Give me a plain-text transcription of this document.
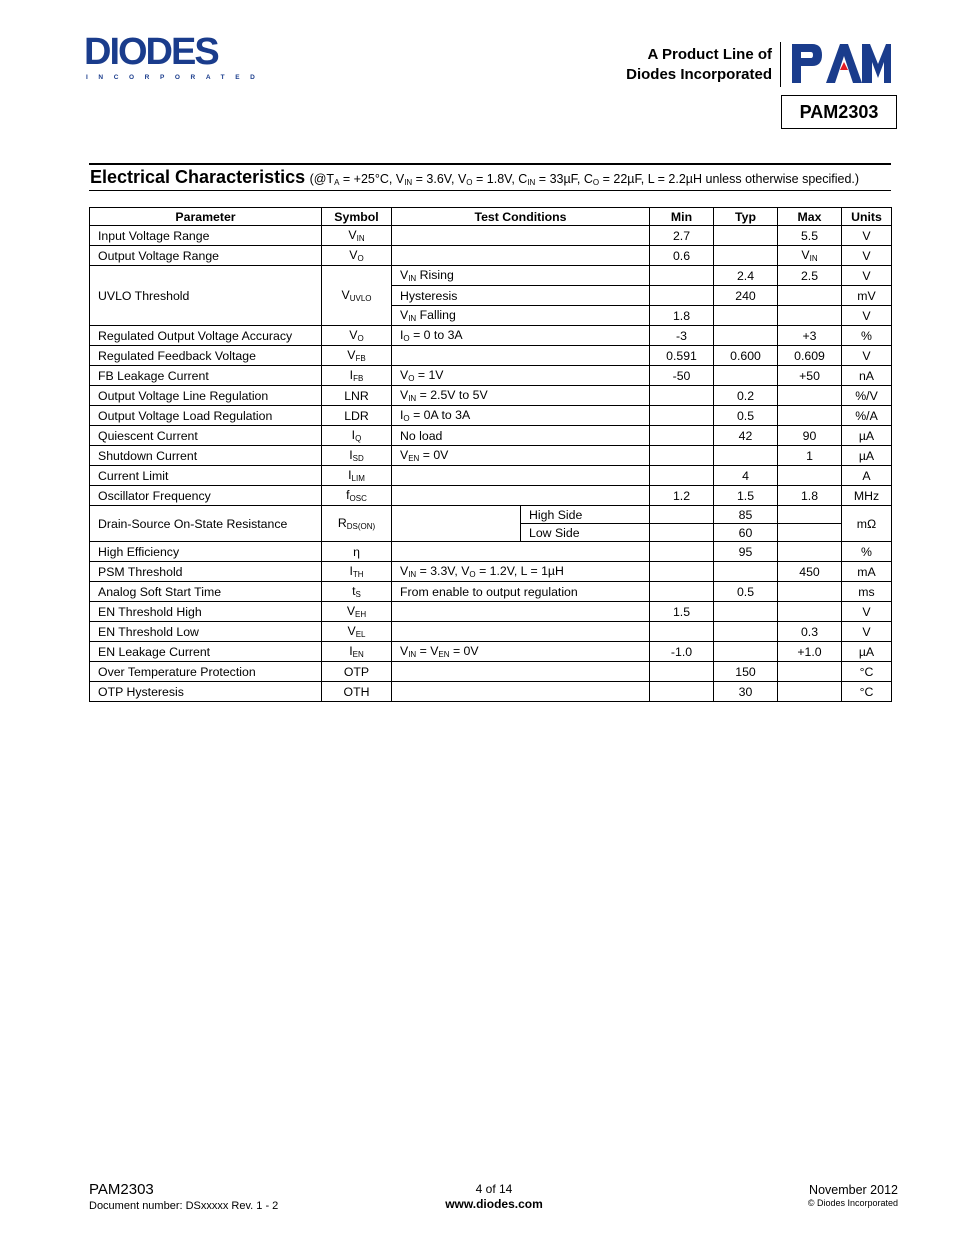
DIODES
INCORPORATED
A Product Line of
Diodes Incorporated
PAM2303
Electrical Characteristics ($@T_A = +25^\circ C$, $V_{IN} = 3.6V$, $V_O = 1.8V$, $C_{IN} = 33\mu F$, $C_O = 22\mu F$, L = 2.2µH unless otherwise specified.)
Parameter	Symbol	Test Conditions		Min	Typ	Max	Units
Input Voltage Range	$V_{IN}$			2.7		5.5	V
Output Voltage Range	$V_O$			0.6		$V_{IN}$	V
UVLO Threshold	$V_{UVLO}$	$V_{IN}$ Rising			2.4	2.5	V
		Hysteresis			240		mV
		$V_{IN}$ Falling		1.8			V
Regulated Output Voltage Accuracy	$V_O$	$I_O = 0$ to 3A		-3		+3	%
Regulated Feedback Voltage	$V_{FB}$			0.591	0.600	0.609	V
FB Leakage Current	$I_{FB}$	$V_O = 1V$		-50		+50	nA
Output Voltage Line Regulation	LNR	$V_{IN} = 2.5V$ to 5V			0.2		%/V
Output Voltage Load Regulation	LDR	$I_O = 0A$ to 3A			0.5		%/A
Quiescent Current	$I_Q$	No load			42	90	µA
Shutdown Current	$I_{SD}$	$V_{EN} = 0V$				1	µA
Current Limit	$I_{LIM}$				4		A
Oscillator Frequency	$f_{OSC}$			1.2	1.5	1.8	MHz
Drain-Source On-State Resistance	$R_{DS(ON)}$		High Side		85		mΩ
			Low Side		60		
High Efficiency	η				95		%
PSM Threshold	$I_{TH}$	$V_{IN} = 3.3V$, $V_O = 1.2V$, L = 1µH				450	mA
Analog Soft Start Time	$t_S$	From enable to output regulation			0.5		ms
EN Threshold High	$V_{EH}$			1.5			V
EN Threshold Low	$V_{EL}$					0.3	V
EN Leakage Current	$I_{EN}$	$V_{IN} = V_{EN} = 0V$		-1.0		+1.0	µA
Over Temperature Protection	OTP				150		°C
OTP Hysteresis	OTH				30		°C
PAM2303
Document number: DSxxxxx Rev. 1 - 2
4 of 14
www.diodes.com
November 2012
© Diodes Incorporated
